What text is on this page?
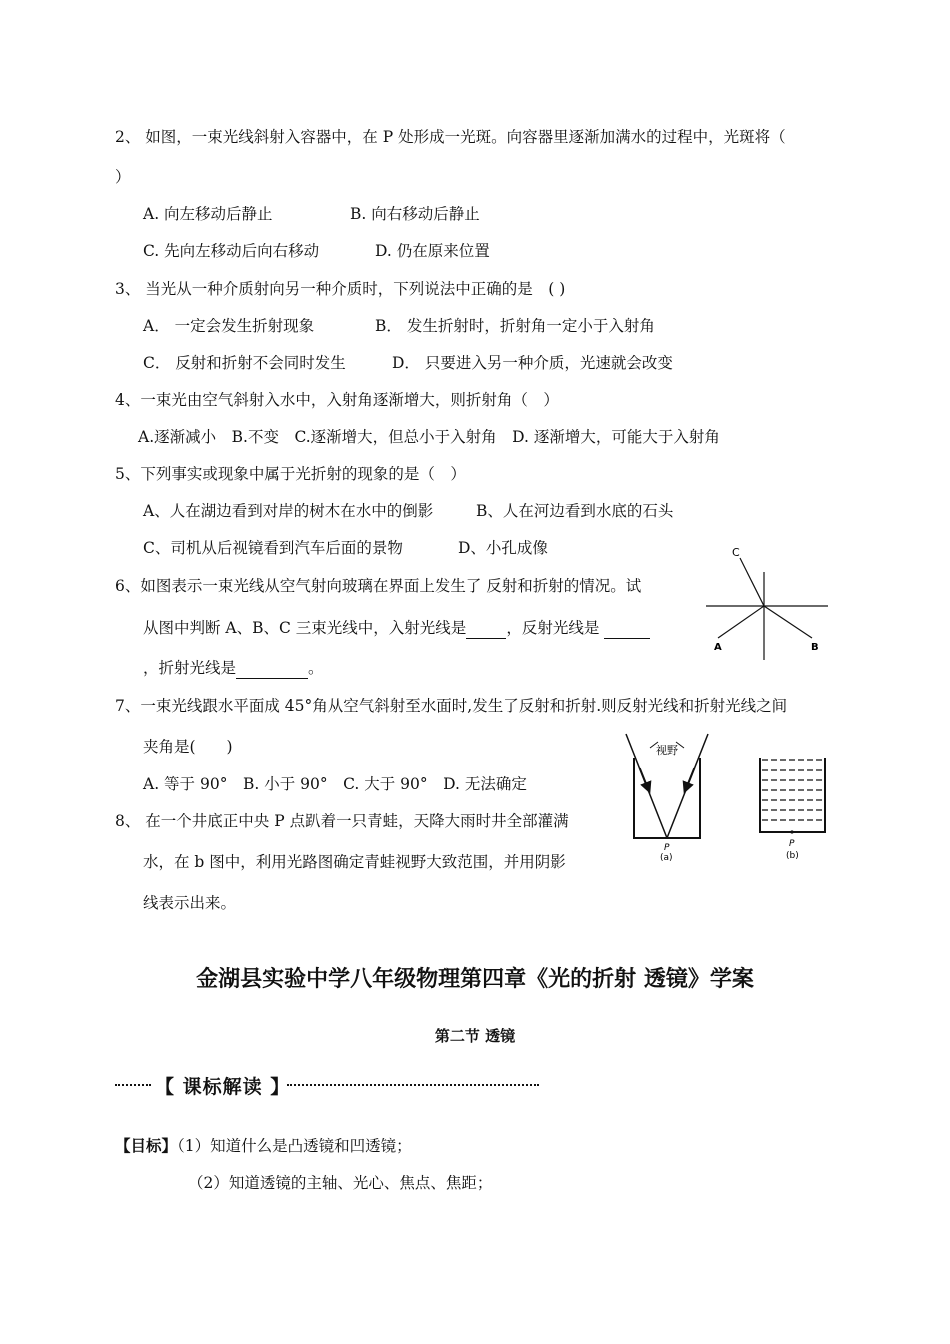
2、 如图，一束光线斜射入容器中，在 P 处形成一光斑。向容器里逐渐加满水的过程中，光斑将（
）
A. 向左移动后静止	B. 向右移动后静止
C. 先向左移动后向右移动	D. 仍在原来位置
3、 当光从一种介质射向另一种介质时，下列说法中正确的是　( )
A． 一定会发生折射现象	B． 发生折射时，折射角一定小于入射角
C． 反射和折射不会同时发生	D． 只要进入另一种介质，光速就会改变
4、一束光由空气斜射入水中，入射角逐渐增大，则折射角（　）
A.逐渐减小　B.不变　C.逐渐增大，但总小于入射角　D. 逐渐增大，可能大于入射角
5、下列事实或现象中属于光折射的现象的是（　）
A、人在湖边看到对岸的树木在水中的倒影	B、人在河边看到水底的石头
C、司机从后视镜看到汽车后面的景物	D、小孔成像
6、如图表示一束光线从空气射向玻璃在界面上发生了 反射和折射的情况。试
从图中判断 A、B、C 三束光线中，入射光线是	，反射光线是
，折射光线是	。
C
A	B
7、一束光线跟水平面成 45°角从空气斜射至水面时,发生了反射和折射.则反射光线和折射光线之间
夹角是(　　)
A. 等于 90°　B. 小于 90°　C. 大于 90°　D. 无法确定
8、 在一个井底正中央 P 点趴着一只青蛙，天降大雨时井全部灌满
水，在 b 图中，利用光路图确定青蛙视野大致范围，并用阴影
线表示出来。
视野
P
(a)
P
(b)
金湖县实验中学八年级物理第四章《光的折射 透镜》学案
第二节 透镜
【 课标解读 】
【目标】（1）知道什么是凸透镜和凹透镜；
（2）知道透镜的主轴、光心、焦点、焦距；
